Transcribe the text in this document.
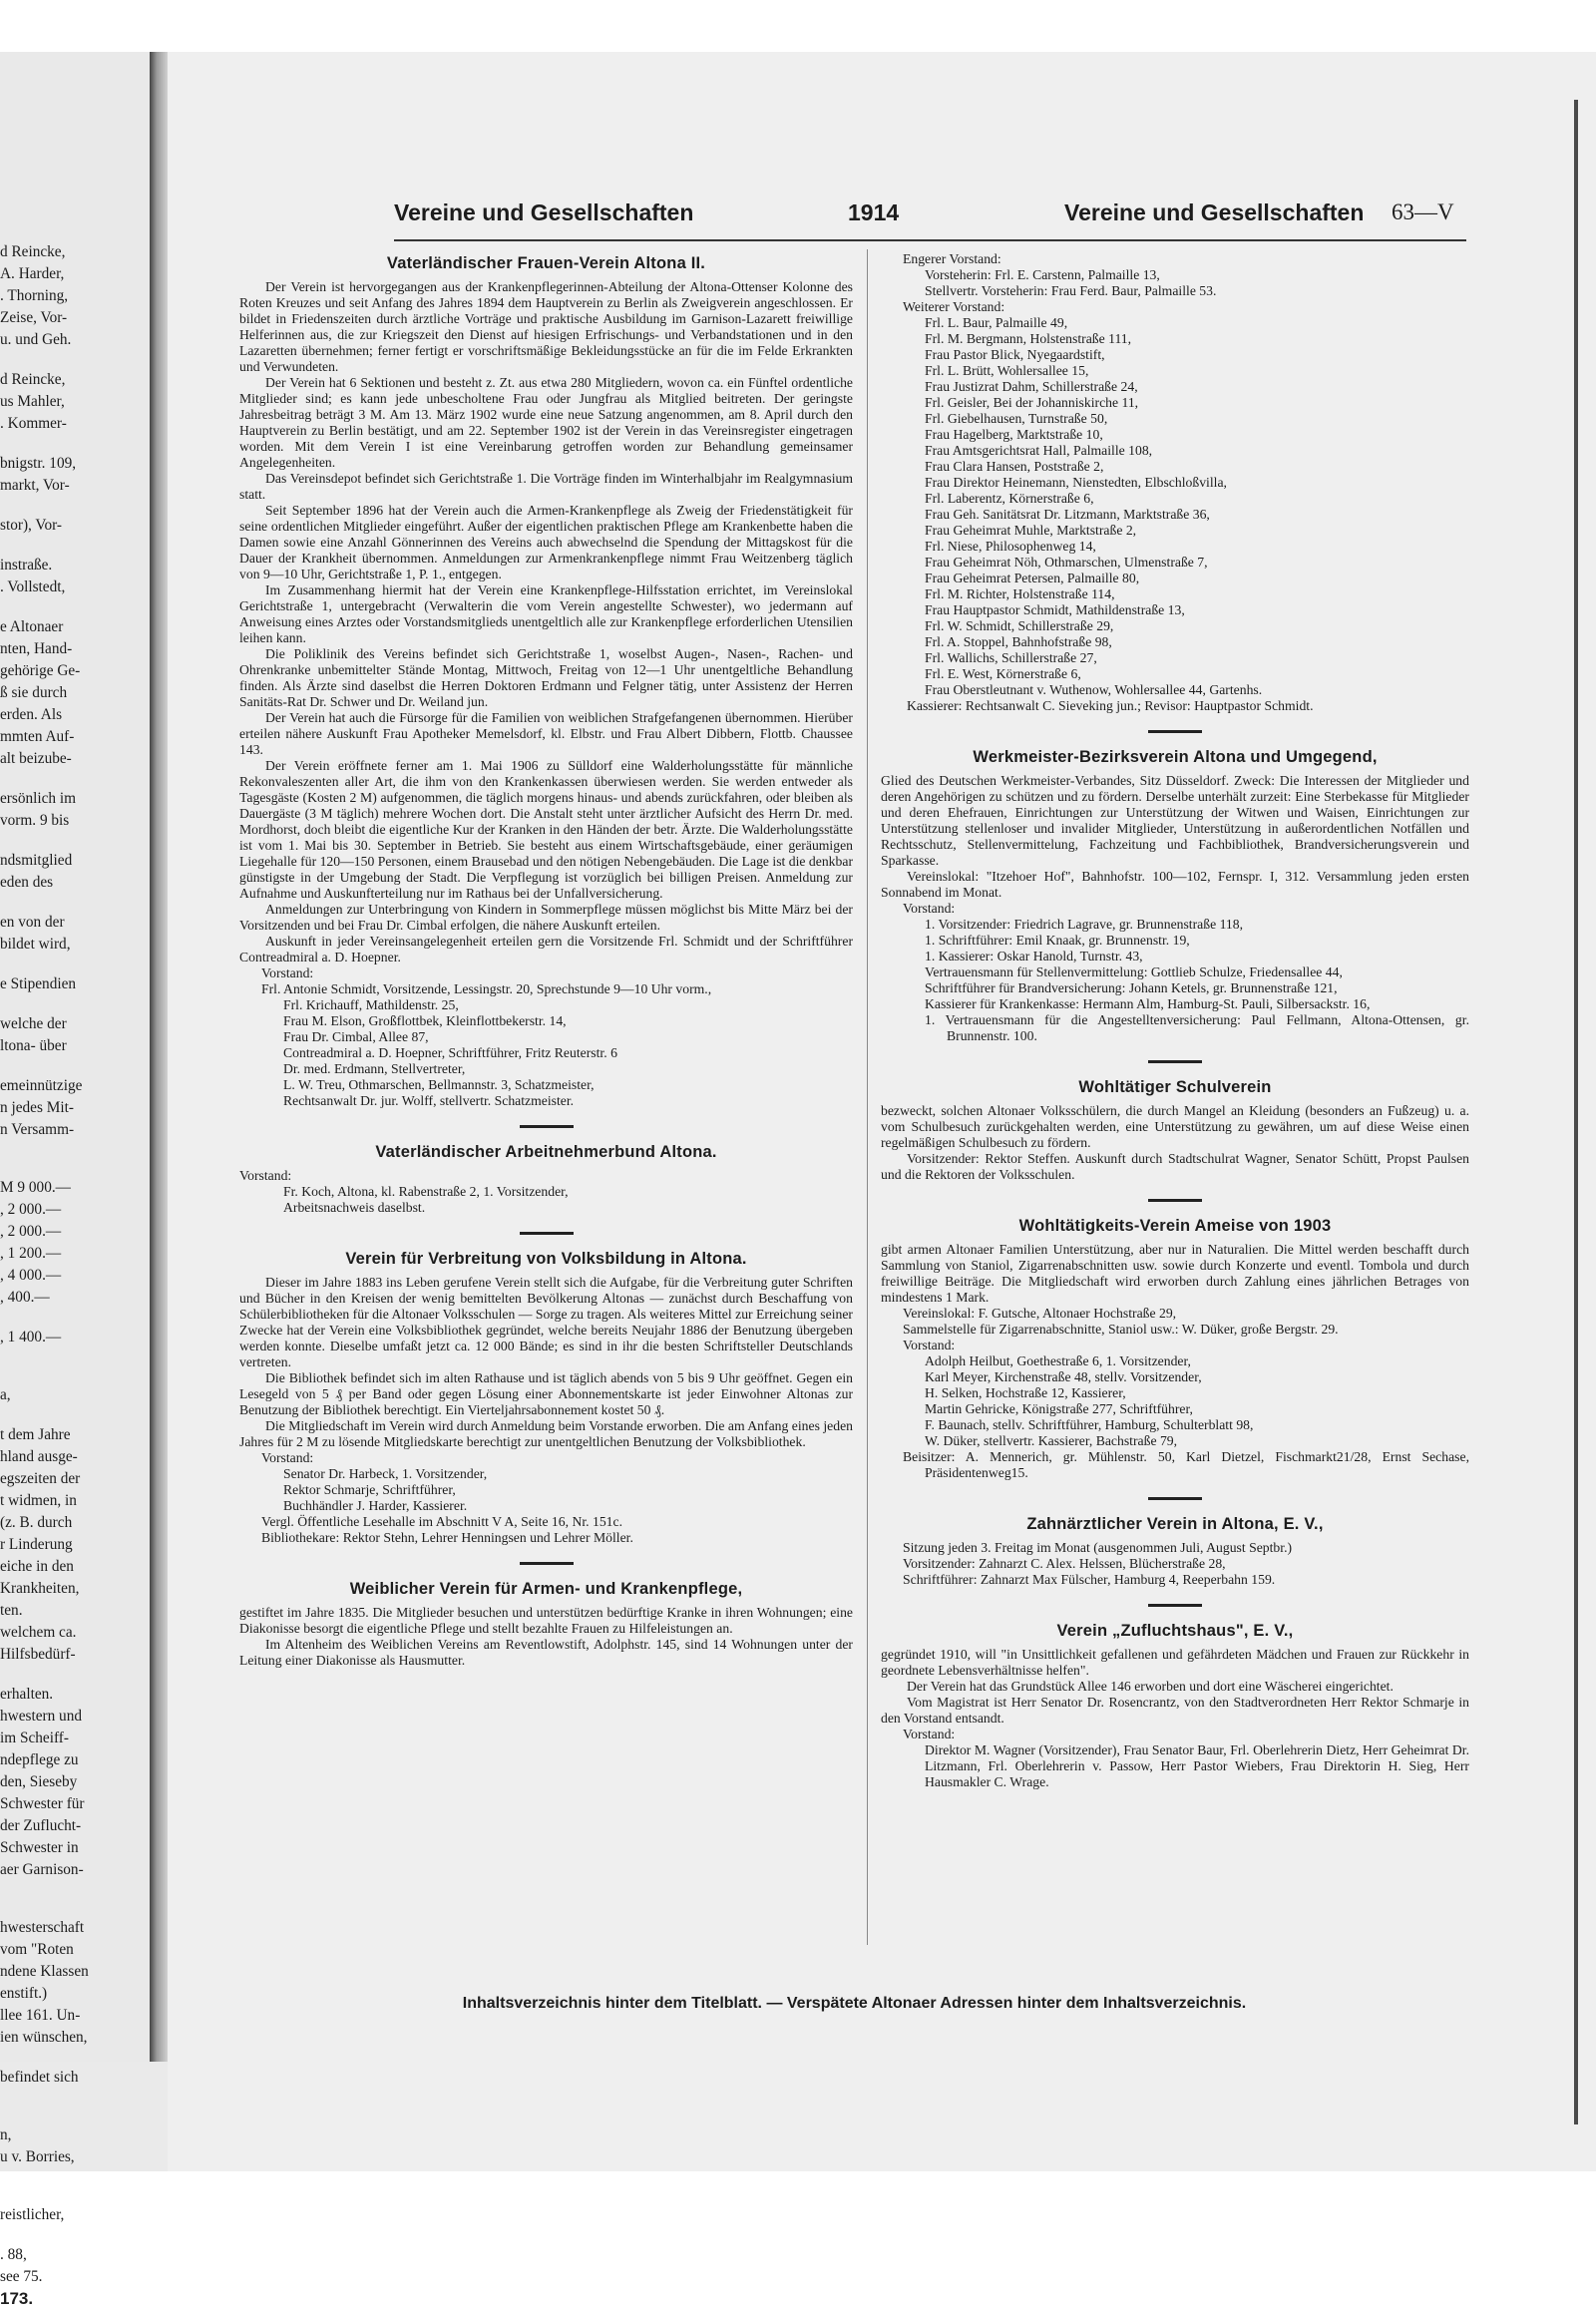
d Reincke,
A. Harder,
. Thorning,
Zeise, Vor-
u. und Geh.
d Reincke,
us Mahler,
. Kommer-
bnigstr. 109,
markt, Vor-
stor), Vor-
instraße.
. Vollstedt,
e Altonaer
nten, Hand-
gehörige Ge-
ß sie durch
erden. Als
mmten Auf-
alt beizube-
ersönlich im
vorm. 9 bis
ndsmitglied
eden des
en von der
bildet wird,
e Stipendien
welche der
ltona- über
emeinnützige
n jedes Mit-
n Versamm-
M 9 000.—
, 2 000.—
, 2 000.—
, 1 200.—
, 4 000.—
, 400.—
, 1 400.—
a,
t dem Jahre
hland ausge-
egszeiten der
t widmen, in
(z. B. durch
r Linderung
eiche in den
Krankheiten,
ten.
welchem ca.
Hilfsbedürf-
erhalten.
hwestern und
im Scheiff-
ndepflege zu
den, Sieseby
Schwester für
der Zuflucht-
Schwester in
aer Garnison-
hwesterschaft
vom "Roten
ndene Klassen
enstift.)
llee 161. Un-
ien wünschen,
befindet sich
n,
u v. Borries,
reistlicher,
. 88,
see 75.
173.
Vereine und Gesellschaften	1914	Vereine und Gesellschaften 63—V
Vaterländischer Frauen-Verein Altona II.

Der Verein ist hervorgegangen aus der Krankenpflegerinnen-Abteilung der Altona-Ottenser Kolonne des Roten Kreuzes und seit Anfang des Jahres 1894 dem Hauptverein zu Berlin als Zweigverein angeschlossen. Er bildet in Friedenszeiten durch ärztliche Vorträge und praktische Ausbildung im Garnison-Lazarett freiwillige Helferinnen aus, die zur Kriegszeit den Dienst auf hiesigen Erfrischungs- und Verbandstationen und in den Lazaretten übernehmen; ferner fertigt er vorschriftsmäßige Bekleidungsstücke an für die im Felde Erkrankten und Verwundeten.

Der Verein hat 6 Sektionen und besteht z. Zt. aus etwa 280 Mitgliedern, wovon ca. ein Fünftel ordentliche Mitglieder sind; es kann jede unbescholtene Frau oder Jungfrau als Mitglied beitreten. Der geringste Jahresbeitrag beträgt 3 M. Am 13. März 1902 wurde eine neue Satzung angenommen, am 8. April durch den Hauptverein zu Berlin bestätigt, und am 22. September 1902 ist der Verein in das Vereinsregister eingetragen worden. Mit dem Verein I ist eine Vereinbarung getroffen worden zur Behandlung gemeinsamer Angelegenheiten.

Das Vereinsdepot befindet sich Gerichtstraße 1. Die Vorträge finden im Winterhalbjahr im Realgymnasium statt.

Seit September 1896 hat der Verein auch die Armen-Krankenpflege als Zweig der Friedenstätigkeit für seine ordentlichen Mitglieder eingeführt. Außer der eigentlichen praktischen Pflege am Krankenbette haben die Damen sowie eine Anzahl Gönnerinnen des Vereins auch abwechselnd die Spendung der Mittagskost für die Dauer der Krankheit übernommen. Anmeldungen zur Armenkrankenpflege nimmt Frau Weitzenberg täglich von 9—10 Uhr, Gerichtstraße 1, P. 1., entgegen.

Im Zusammenhang hiermit hat der Verein eine Krankenpflege-Hilfsstation errichtet, im Vereinslokal Gerichtstraße 1, untergebracht (Verwalterin die vom Verein angestellte Schwester), wo jedermann auf Anweisung eines Arztes oder Vorstandsmitglieds unentgeltlich alle zur Krankenpflege erforderlichen Utensilien leihen kann.

Die Poliklinik des Vereins befindet sich Gerichtstraße 1, woselbst Augen-, Nasen-, Rachen- und Ohrenkranke unbemittelter Stände Montag, Mittwoch, Freitag von 12—1 Uhr unentgeltliche Behandlung finden. Als Ärzte sind daselbst die Herren Doktoren Erdmann und Felgner tätig, unter Assistenz der Herren Sanitäts-Rat Dr. Schwer und Dr. Weiland jun.

Der Verein hat auch die Fürsorge für die Familien von weiblichen Strafgefangenen übernommen. Hierüber erteilen nähere Auskunft Frau Apotheker Memelsdorf, kl. Elbstr. und Frau Albert Dibbern, Flottb. Chaussee 143.

Der Verein eröffnete ferner am 1. Mai 1906 zu Sülldorf eine Walderholungsstätte für männliche Rekonvaleszenten aller Art, die ihm von den Krankenkassen überwiesen werden. Sie werden entweder als Tagesgäste (Kosten 2 M) aufgenommen, die täglich morgens hinaus- und abends zurückfahren, oder bleiben als Dauergäste (3 M täglich) mehrere Wochen dort. Die Anstalt steht unter ärztlicher Aufsicht des Herrn Dr. med. Mordhorst, doch bleibt die eigentliche Kur der Kranken in den Händen der betr. Ärzte. Die Walderholungsstätte ist vom 1. Mai bis 30. September in Betrieb. Sie besteht aus einem Wirtschaftsgebäude, einer geräumigen Liegehalle für 120—150 Personen, einem Brausebad und den nötigen Nebengebäuden. Die Lage ist die denkbar günstigste in der Umgebung der Stadt. Die Verpflegung ist vorzüglich bei billigen Preisen. Anmeldung zur Aufnahme und Auskunfterteilung nur im Rathaus bei der Unfallversicherung.

Anmeldungen zur Unterbringung von Kindern in Sommerpflege müssen möglichst bis Mitte März bei der Vorsitzenden und bei Frau Dr. Cimbal erfolgen, die nähere Auskunft erteilen.

Auskunft in jeder Vereinsangelegenheit erteilen gern die Vorsitzende Frl. Schmidt und der Schriftführer Contreadmiral a. D. Hoepner.

Vorstand:

Frl. Antonie Schmidt, Vorsitzende, Lessingstr. 20, Sprechstunde 9—10 Uhr vorm.,

Frl. Krichauff, Mathildenstr. 25,

Frau M. Elson, Großflottbek, Kleinflottbekerstr. 14,

Frau Dr. Cimbal, Allee 87,

Contreadmiral a. D. Hoepner, Schriftführer, Fritz Reuterstr. 6

Dr. med. Erdmann, Stellvertreter,

L. W. Treu, Othmarschen, Bellmannstr. 3, Schatzmeister,

Rechtsanwalt Dr. jur. Wolff, stellvertr. Schatzmeister.

Vaterländischer Arbeitnehmerbund Altona.

Vorstand:

Fr. Koch, Altona, kl. Rabenstraße 2, 1. Vorsitzender,

Arbeitsnachweis daselbst.

Verein für Verbreitung von Volksbildung in Altona.

Dieser im Jahre 1883 ins Leben gerufene Verein stellt sich die Aufgabe, für die Verbreitung guter Schriften und Bücher in den Kreisen der wenig bemittelten Bevölkerung Altonas — zunächst durch Beschaffung von Schülerbibliotheken für die Altonaer Volksschulen — Sorge zu tragen. Als weiteres Mittel zur Erreichung seiner Zwecke hat der Verein eine Volksbibliothek gegründet, welche bereits Neujahr 1886 der Benutzung übergeben werden konnte. Dieselbe umfaßt jetzt ca. 12 000 Bände; es sind in ihr die besten Schriftsteller Deutschlands vertreten.

Die Bibliothek befindet sich im alten Rathause und ist täglich abends von 5 bis 9 Uhr geöffnet. Gegen ein Lesegeld von 5 ₰ per Band oder gegen Lösung einer Abonnementskarte ist jeder Einwohner Altonas zur Benutzung der Bibliothek berechtigt. Ein Vierteljahrsabonnement kostet 50 ₰.

Die Mitgliedschaft im Verein wird durch Anmeldung beim Vorstande erworben. Die am Anfang eines jeden Jahres für 2 M zu lösende Mitgliedskarte berechtigt zur unentgeltlichen Benutzung der Volksbibliothek.

Vorstand:

Senator Dr. Harbeck, 1. Vorsitzender,

Rektor Schmarje, Schriftführer,

Buchhändler J. Harder, Kassierer.

Vergl. Öffentliche Lesehalle im Abschnitt V A, Seite 16, Nr. 151c.

Bibliothekare: Rektor Stehn, Lehrer Henningsen und Lehrer Möller.

Weiblicher Verein für Armen- und Krankenpflege,

gestiftet im Jahre 1835. Die Mitglieder besuchen und unterstützen bedürftige Kranke in ihren Wohnungen; eine Diakonisse besorgt die eigentliche Pflege und stellt bezahlte Frauen zu Hilfeleistungen an.

Im Altenheim des Weiblichen Vereins am Reventlowstift, Adolphstr. 145, sind 14 Wohnungen unter der Leitung einer Diakonisse als Hausmutter.

Engerer Vorstand:

Vorsteherin: Frl. E. Carstenn, Palmaille 13,

Stellvertr. Vorsteherin: Frau Ferd. Baur, Palmaille 53.

Weiterer Vorstand:

Frl. L. Baur, Palmaille 49,

Frl. M. Bergmann, Holstenstraße 111,

Frau Pastor Blick, Nyegaardstift,

Frl. L. Brütt, Wohlersallee 15,

Frau Justizrat Dahm, Schillerstraße 24,

Frl. Geisler, Bei der Johanniskirche 11,

Frl. Giebelhausen, Turnstraße 50,

Frau Hagelberg, Marktstraße 10,

Frau Amtsgerichtsrat Hall, Palmaille 108,

Frau Clara Hansen, Poststraße 2,

Frau Direktor Heinemann, Nienstedten, Elbschloßvilla,

Frl. Laberentz, Körnerstraße 6,

Frau Geh. Sanitätsrat Dr. Litzmann, Marktstraße 36,

Frau Geheimrat Muhle, Marktstraße 2,

Frl. Niese, Philosophenweg 14,

Frau Geheimrat Nöh, Othmarschen, Ulmenstraße 7,

Frau Geheimrat Petersen, Palmaille 80,

Frl. M. Richter, Holstenstraße 114,

Frau Hauptpastor Schmidt, Mathildenstraße 13,

Frl. W. Schmidt, Schillerstraße 29,

Frl. A. Stoppel, Bahnhofstraße 98,

Frl. Wallichs, Schillerstraße 27,

Frl. E. West, Körnerstraße 6,

Frau Oberstleutnant v. Wuthenow, Wohlersallee 44, Gartenhs.

Kassierer: Rechtsanwalt C. Sieveking jun.; Revisor: Hauptpastor Schmidt.

Werkmeister-Bezirksverein Altona und Umgegend,

Glied des Deutschen Werkmeister-Verbandes, Sitz Düsseldorf. Zweck: Die Interessen der Mitglieder und deren Angehörigen zu schützen und zu fördern. Derselbe unterhält zurzeit: Eine Sterbekasse für Mitglieder und deren Ehefrauen, Einrichtungen zur Unterstützung der Witwen und Waisen, Einrichtungen zur Unterstützung stellenloser und invalider Mitglieder, Unterstützung in außerordentlichen Notfällen und Rechtsschutz, Stellenvermittelung, Fachzeitung und Fachbibliothek, Brandversicherungsverein und Sparkasse.

Vereinslokal: "Itzehoer Hof", Bahnhofstr. 100—102, Fernspr. I, 312. Versammlung jeden ersten Sonnabend im Monat.

Vorstand:

1. Vorsitzender: Friedrich Lagrave, gr. Brunnenstraße 118,

1. Schriftführer: Emil Knaak, gr. Brunnenstr. 19,

1. Kassierer: Oskar Hanold, Turnstr. 43,

Vertrauensmann für Stellenvermittelung: Gottlieb Schulze, Friedensallee 44,

Schriftführer für Brandversicherung: Johann Ketels, gr. Brunnenstraße 121,

Kassierer für Krankenkasse: Hermann Alm, Hamburg-St. Pauli, Silbersackstr. 16,

1. Vertrauensmann für die Angestelltenversicherung: Paul Fellmann, Altona-Ottensen, gr. Brunnenstr. 100.

Wohltätiger Schulverein

bezweckt, solchen Altonaer Volksschülern, die durch Mangel an Kleidung (besonders an Fußzeug) u. a. vom Schulbesuch zurückgehalten werden, eine Unterstützung zu gewähren, um auf diese Weise einen regelmäßigen Schulbesuch zu fördern.

Vorsitzender: Rektor Steffen. Auskunft durch Stadtschulrat Wagner, Senator Schütt, Propst Paulsen und die Rektoren der Volksschulen.

Wohltätigkeits-Verein Ameise von 1903

gibt armen Altonaer Familien Unterstützung, aber nur in Naturalien. Die Mittel werden beschafft durch Sammlung von Staniol, Zigarrenabschnitten usw. sowie durch Konzerte und eventl. Tombola und durch freiwillige Beiträge. Die Mitgliedschaft wird erworben durch Zahlung eines jährlichen Betrages von mindestens 1 Mark.

Vereinslokal: F. Gutsche, Altonaer Hochstraße 29,

Sammelstelle für Zigarrenabschnitte, Staniol usw.: W. Düker, große Bergstr. 29.

Vorstand:

Adolph Heilbut, Goethestraße 6, 1. Vorsitzender,

Karl Meyer, Kirchenstraße 48, stellv. Vorsitzender,

H. Selken, Hochstraße 12, Kassierer,

Martin Gehricke, Königstraße 277, Schriftführer,

F. Baunach, stellv. Schriftführer, Hamburg, Schulterblatt 98,

W. Düker, stellvertr. Kassierer, Bachstraße 79,

Beisitzer: A. Mennerich, gr. Mühlenstr. 50, Karl Dietzel, Fischmarkt21/28, Ernst Sechase, Präsidentenweg15.

Zahnärztlicher Verein in Altona, E. V.,

Sitzung jeden 3. Freitag im Monat (ausgenommen Juli, August Septbr.)

Vorsitzender: Zahnarzt C. Alex. Helssen, Blücherstraße 28,

Schriftführer: Zahnarzt Max Fülscher, Hamburg 4, Reeperbahn 159.

Verein „Zufluchtshaus", E. V.,

gegründet 1910, will "in Unsittlichkeit gefallenen und gefährdeten Mädchen und Frauen zur Rückkehr in geordnete Lebensverhältnisse helfen".

Der Verein hat das Grundstück Allee 146 erworben und dort eine Wäscherei eingerichtet.

Vom Magistrat ist Herr Senator Dr. Rosencrantz, von den Stadtverordneten Herr Rektor Schmarje in den Vorstand entsandt.

Vorstand:

Direktor M. Wagner (Vorsitzender), Frau Senator Baur, Frl. Oberlehrerin Dietz, Herr Geheimrat Dr. Litzmann, Frl. Oberlehrerin v. Passow, Herr Pastor Wiebers, Frau Direktorin H. Sieg, Herr Hausmakler C. Wrage.

Inhaltsverzeichnis hinter dem Titelblatt. — Verspätete Altonaer Adressen hinter dem Inhaltsverzeichnis.
